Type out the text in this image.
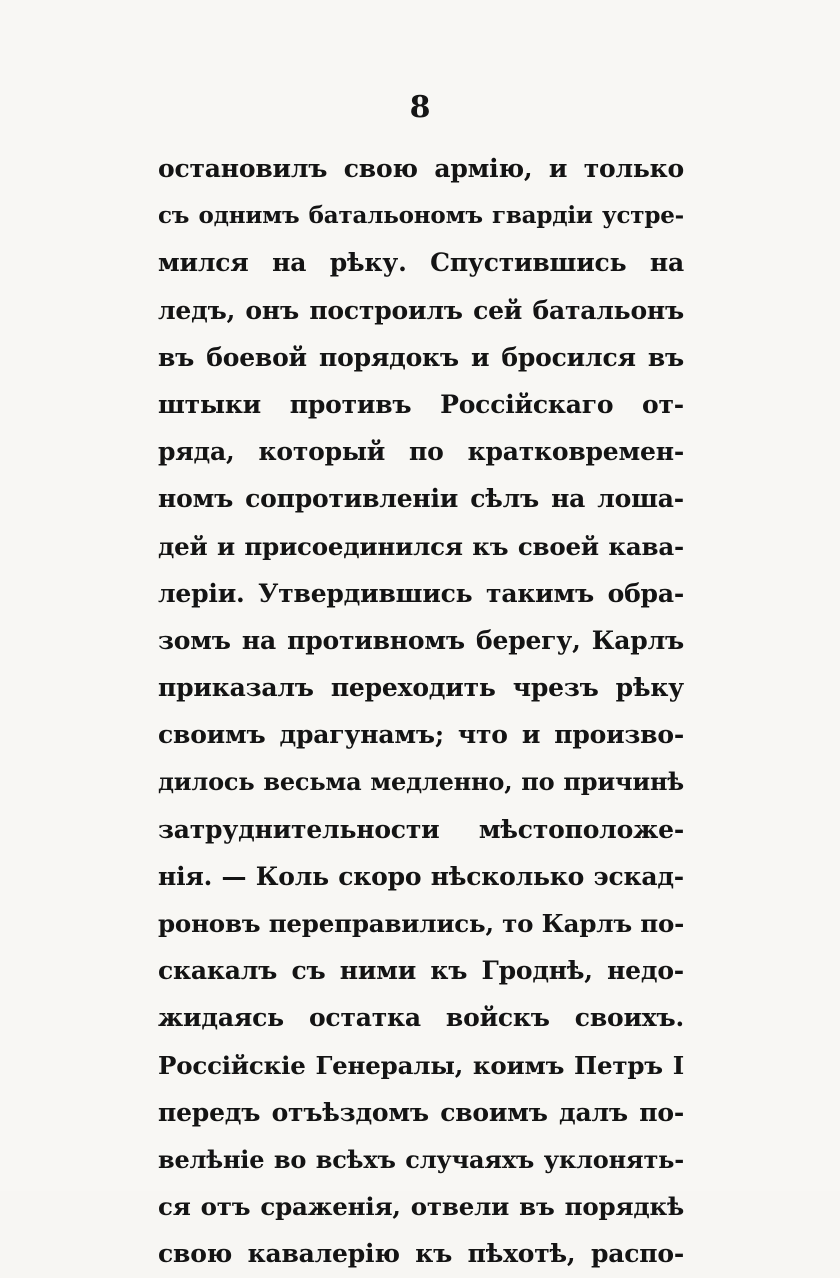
8
остановилъ свою армію, и только
съ однимъ батальономъ гвардіи устре-
мился на рѣку. Спустившись на
ледъ, онъ построилъ сей батальонъ
въ боевой порядокъ и бросился въ
штыки противъ Россійскаго от-
ряда, который по кратковремен-
номъ сопротивленіи сѣлъ на лоша-
дей и присоединился къ своей кава-
леріи. Утвердившись такимъ обра-
зомъ на противномъ берегу, Карлъ
приказалъ переходить чрезъ рѣку
своимъ драгунамъ; что и произво-
дилось весьма медленно, по причинѣ
затруднительности мѣстоположе-
нія. — Коль скоро нѣсколько эскад-
роновъ переправились, то Карлъ по-
скакалъ съ ними къ Гроднѣ, недо-
жидаясь остатка войскъ своихъ.
Россійскіе Генералы, коимъ Петръ I
передъ отъѣздомъ своимъ далъ по-
велѣніе во всѣхъ случаяхъ уклонять-
ся отъ сраженія, отвели въ порядкѣ
свою кавалерію къ пѣхотѣ, распо-
